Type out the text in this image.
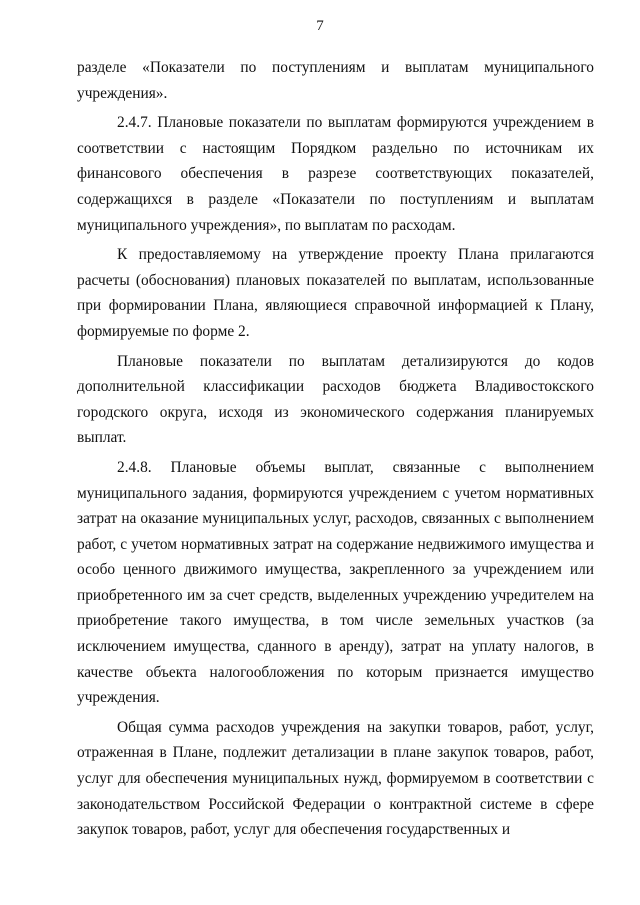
7

разделе «Показатели по поступлениям и выплатам муниципального учреждения».

2.4.7. Плановые показатели по выплатам формируются учреждением в соответствии с настоящим Порядком раздельно по источникам их финансового обеспечения в разрезе соответствующих показателей, содержащихся в разделе «Показатели по поступлениям и выплатам муниципального учреждения», по выплатам по расходам.

К предоставляемому на утверждение проекту Плана прилагаются расчеты (обоснования) плановых показателей по выплатам, использованные при формировании Плана, являющиеся справочной информацией к Плану, формируемые по форме 2.

Плановые показатели по выплатам детализируются до кодов дополнительной классификации расходов бюджета Владивостокского городского округа, исходя из экономического содержания планируемых выплат.

2.4.8. Плановые объемы выплат, связанные с выполнением муниципального задания, формируются учреждением с учетом нормативных затрат на оказание муниципальных услуг, расходов, связанных с выполнением работ, с учетом нормативных затрат на содержание недвижимого имущества и особо ценного движимого имущества, закрепленного за учреждением или приобретенного им за счет средств, выделенных учреждению учредителем на приобретение такого имущества, в том числе земельных участков (за исключением имущества, сданного в аренду), затрат на уплату налогов, в качестве объекта налогообложения по которым признается имущество учреждения.

Общая сумма расходов учреждения на закупки товаров, работ, услуг, отраженная в Плане, подлежит детализации в плане закупок товаров, работ, услуг для обеспечения муниципальных нужд, формируемом в соответствии с законодательством Российской Федерации о контрактной системе в сфере закупок товаров, работ, услуг для обеспечения государственных и
